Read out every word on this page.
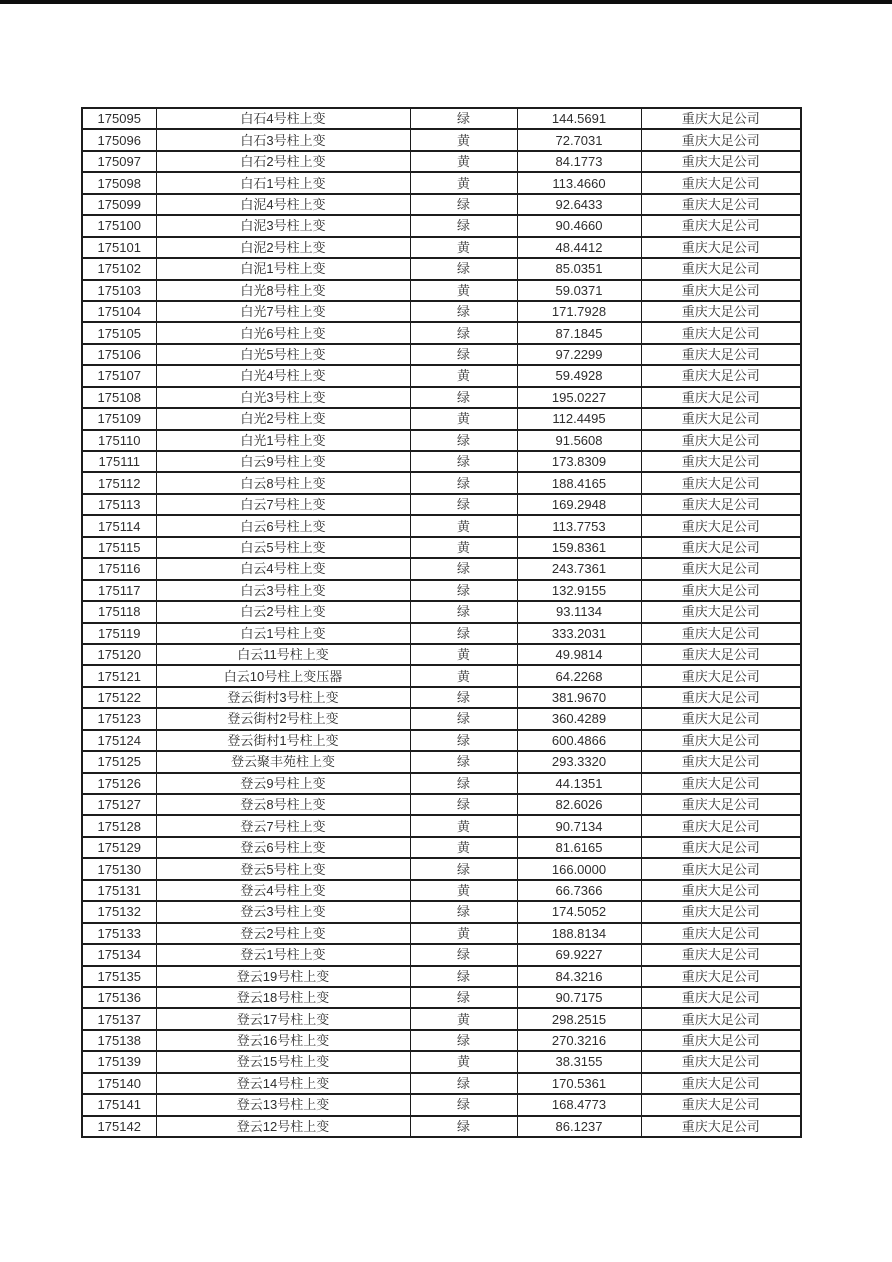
175095	白石4号柱上变	绿	144.5691	重庆大足公司
175096	白石3号柱上变	黄	72.7031	重庆大足公司
175097	白石2号柱上变	黄	84.1773	重庆大足公司
175098	白石1号柱上变	黄	113.4660	重庆大足公司
175099	白泥4号柱上变	绿	92.6433	重庆大足公司
175100	白泥3号柱上变	绿	90.4660	重庆大足公司
175101	白泥2号柱上变	黄	48.4412	重庆大足公司
175102	白泥1号柱上变	绿	85.0351	重庆大足公司
175103	白光8号柱上变	黄	59.0371	重庆大足公司
175104	白光7号柱上变	绿	171.7928	重庆大足公司
175105	白光6号柱上变	绿	87.1845	重庆大足公司
175106	白光5号柱上变	绿	97.2299	重庆大足公司
175107	白光4号柱上变	黄	59.4928	重庆大足公司
175108	白光3号柱上变	绿	195.0227	重庆大足公司
175109	白光2号柱上变	黄	112.4495	重庆大足公司
175110	白光1号柱上变	绿	91.5608	重庆大足公司
175111	白云9号柱上变	绿	173.8309	重庆大足公司
175112	白云8号柱上变	绿	188.4165	重庆大足公司
175113	白云7号柱上变	绿	169.2948	重庆大足公司
175114	白云6号柱上变	黄	113.7753	重庆大足公司
175115	白云5号柱上变	黄	159.8361	重庆大足公司
175116	白云4号柱上变	绿	243.7361	重庆大足公司
175117	白云3号柱上变	绿	132.9155	重庆大足公司
175118	白云2号柱上变	绿	93.1134	重庆大足公司
175119	白云1号柱上变	绿	333.2031	重庆大足公司
175120	白云11号柱上变	黄	49.9814	重庆大足公司
175121	白云10号柱上变压器	黄	64.2268	重庆大足公司
175122	登云街村3号柱上变	绿	381.9670	重庆大足公司
175123	登云街村2号柱上变	绿	360.4289	重庆大足公司
175124	登云街村1号柱上变	绿	600.4866	重庆大足公司
175125	登云聚丰苑柱上变	绿	293.3320	重庆大足公司
175126	登云9号柱上变	绿	44.1351	重庆大足公司
175127	登云8号柱上变	绿	82.6026	重庆大足公司
175128	登云7号柱上变	黄	90.7134	重庆大足公司
175129	登云6号柱上变	黄	81.6165	重庆大足公司
175130	登云5号柱上变	绿	166.0000	重庆大足公司
175131	登云4号柱上变	黄	66.7366	重庆大足公司
175132	登云3号柱上变	绿	174.5052	重庆大足公司
175133	登云2号柱上变	黄	188.8134	重庆大足公司
175134	登云1号柱上变	绿	69.9227	重庆大足公司
175135	登云19号柱上变	绿	84.3216	重庆大足公司
175136	登云18号柱上变	绿	90.7175	重庆大足公司
175137	登云17号柱上变	黄	298.2515	重庆大足公司
175138	登云16号柱上变	绿	270.3216	重庆大足公司
175139	登云15号柱上变	黄	38.3155	重庆大足公司
175140	登云14号柱上变	绿	170.5361	重庆大足公司
175141	登云13号柱上变	绿	168.4773	重庆大足公司
175142	登云12号柱上变	绿	86.1237	重庆大足公司
